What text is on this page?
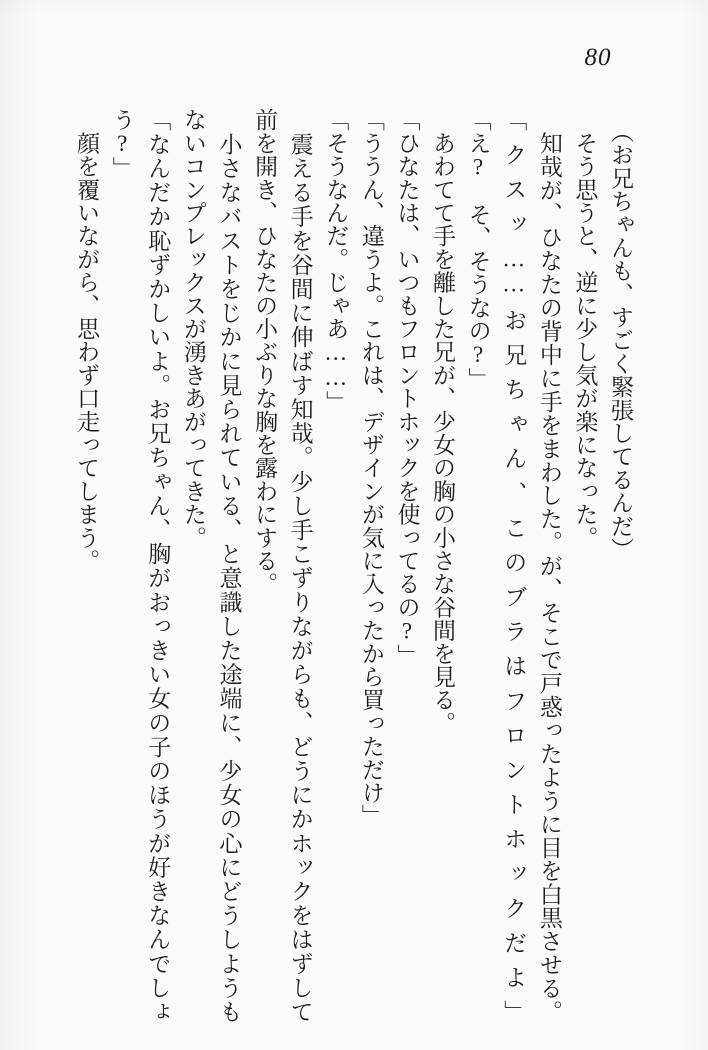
80
　（お兄ちゃんも、すごく緊張してるんだ）
　そう思うと、逆に少し気が楽になった。
　知哉が、ひなたの背中に手をまわした。が、そこで戸惑ったように目を白黒させる。
「クスッ……お兄ちゃん、このブラはフロントホックだよ」
「え?　そ、そうなの?」
　あわてて手を離した兄が、少女の胸の小さな谷間を見る。
「ひなたは、いつもフロントホックを使ってるの?」
「ううん、違うよ。これは、デザインが気に入ったから買っただけ」
「そうなんだ。じゃあ……」
　震える手を谷間に伸ばす知哉。少し手こずりながらも、どうにかホックをはずして
前を開き、ひなたの小ぶりな胸を露わにする。
　小さなバストをじかに見られている、と意識した途端に、少女の心にどうしようも
ないコンプレックスが湧きあがってきた。
「なんだか恥ずかしいよ。お兄ちゃん、胸がおっきい女の子のほうが好きなんでしょ
う?」
　顔を覆いながら、思わず口走ってしまう。
